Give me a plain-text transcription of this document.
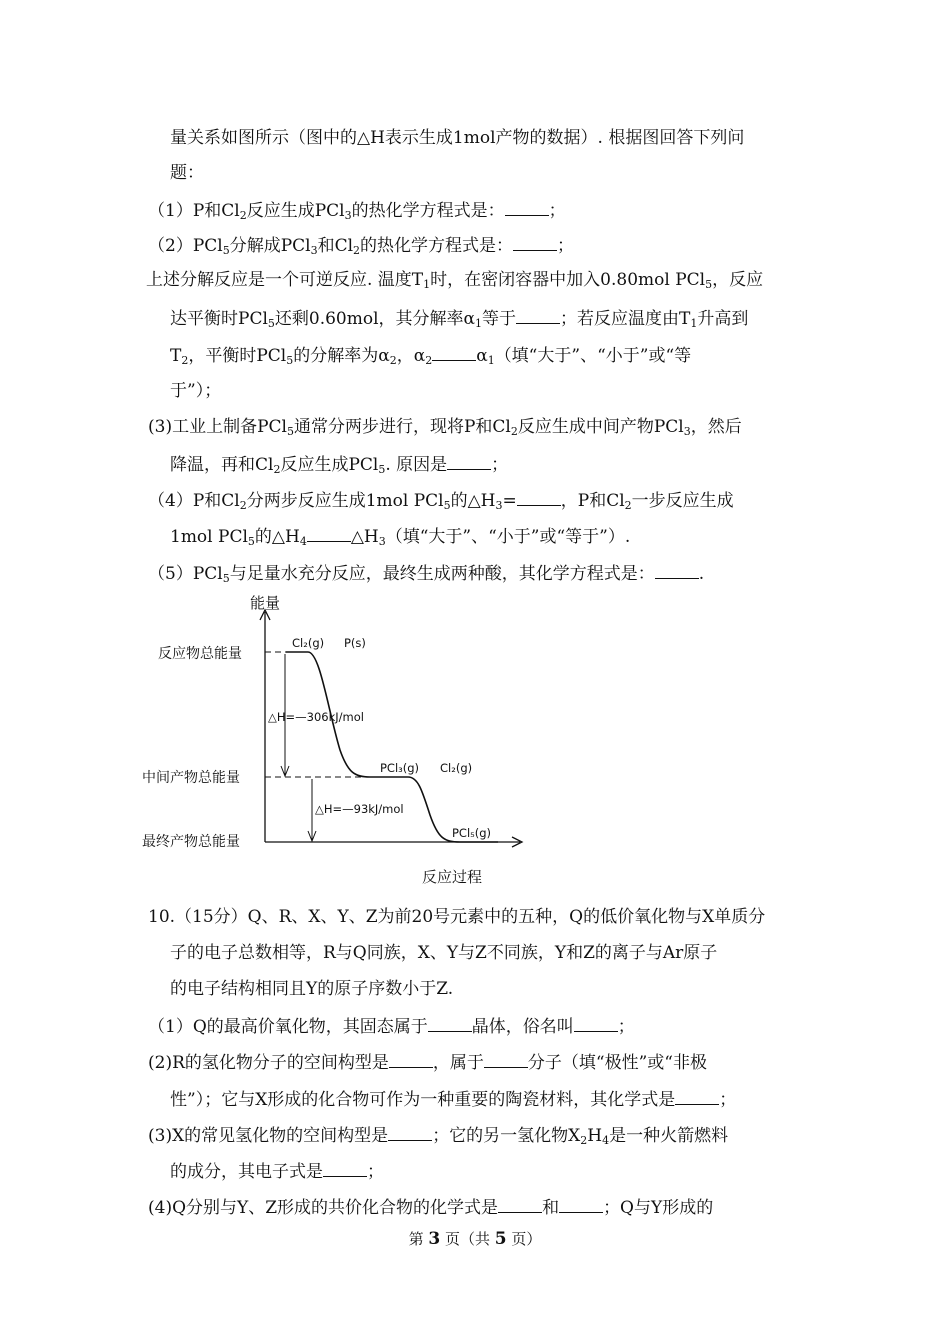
量关系如图所示（图中的△H表示生成1mol产物的数据）. 根据图回答下列问
题：
（1）P和$Cl_2$反应生成PCl$_3$的热化学方程式是：	；
（2）PCl$_5$分解成PCl$_3$和$Cl_2$的热化学方程式是：	；
上述分解反应是一个可逆反应. 温度$T_1$时，在密闭容器中加入0.80mol PCl$_5$，反应
达平衡时PCl$_5$还剩0.60mol，其分解率$\alpha_1$等于	；若反应温度由$T_1$升高到
$T_2$，平衡时PCl$_5$的分解率为$\alpha_2$，$\alpha_2$	$\alpha_1$（填“大于”、“小于”或“等
于”）；
(3)工业上制备PCl$_5$通常分两步进行，现将P和$Cl_2$反应生成中间产物PCl$_3$，然后
降温，再和$Cl_2$反应生成PCl$_5$. 原因是	；
（4）P和$Cl_2$分两步反应生成1mol PCl$_5$的$\triangle H_3=$	，P和$Cl_2$一步反应生成
1mol PCl$_5$的$\triangle H_4$	$\triangle H_3$（填“大于”、“小于”或“等于”）.
（5）PCl$_5$与足量水充分反应，最终生成两种酸，其化学方程式是：	.
能量
反应过程
反应物总能量
中间产物总能量
最终产物总能量
△H=—306kJ/mol
△H=—93kJ/mol
Cl₂(g) P(s)
PCl₃(g) Cl₂(g)
PCl₅(g)
10.（15分）Q、R、X、Y、Z为前20号元素中的五种，Q的低价氧化物与X单质分
子的电子总数相等，R与Q同族，X、Y与Z不同族，Y和Z的离子与Ar原子
的电子结构相同且Y的原子序数小于Z.
（1）Q的最高价氧化物，其固态属于	晶体，俗名叫	；
(2)R的氢化物分子的空间构型是	，属于	分子（填“极性”或“非极
性”）；它与X形成的化合物可作为一种重要的陶瓷材料，其化学式是	；
(3)X的常见氢化物的空间构型是	；它的另一氢化物$X_2H_4$是一种火箭燃料
的成分，其电子式是	；
(4)Q分别与Y、Z形成的共价化合物的化学式是	和	；Q与Y形成的
第 3 页（共 5 页）
